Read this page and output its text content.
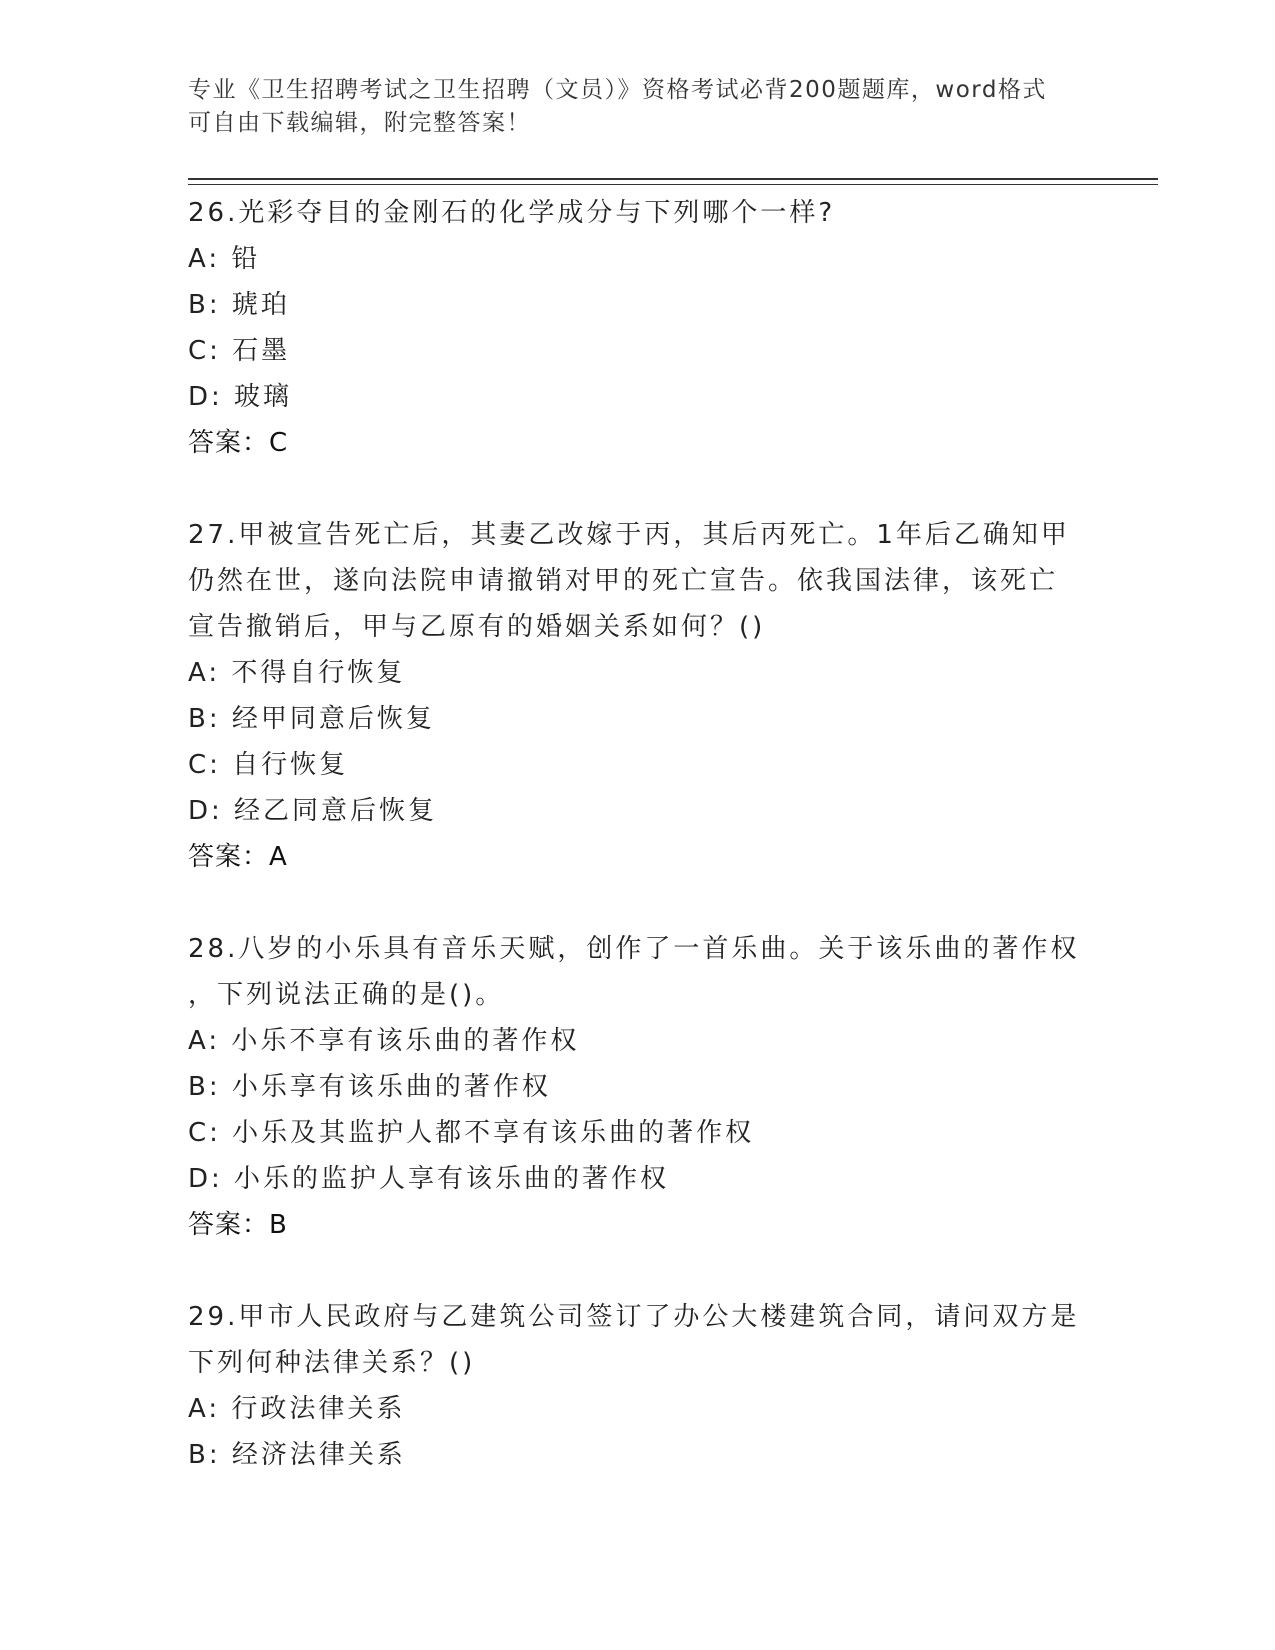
专业《卫生招聘考试之卫生招聘（文员）》资格考试必背200题题库，word格式
可自由下载编辑，附完整答案！

26.光彩夺目的金刚石的化学成分与下列哪个一样?

A: 铅

B: 琥珀

C: 石墨

D: 玻璃

答案：C

27.甲被宣告死亡后，其妻乙改嫁于丙，其后丙死亡。1年后乙确知甲
仍然在世，遂向法院申请撤销对甲的死亡宣告。依我国法律，该死亡
宣告撤销后，甲与乙原有的婚姻关系如何？()

A: 不得自行恢复

B: 经甲同意后恢复

C: 自行恢复

D: 经乙同意后恢复

答案：A

28.八岁的小乐具有音乐天赋，创作了一首乐曲。关于该乐曲的著作权
，下列说法正确的是()。

A: 小乐不享有该乐曲的著作权

B: 小乐享有该乐曲的著作权

C: 小乐及其监护人都不享有该乐曲的著作权

D: 小乐的监护人享有该乐曲的著作权

答案：B

29.甲市人民政府与乙建筑公司签订了办公大楼建筑合同，请问双方是
下列何种法律关系？()

A: 行政法律关系

B: 经济法律关系
